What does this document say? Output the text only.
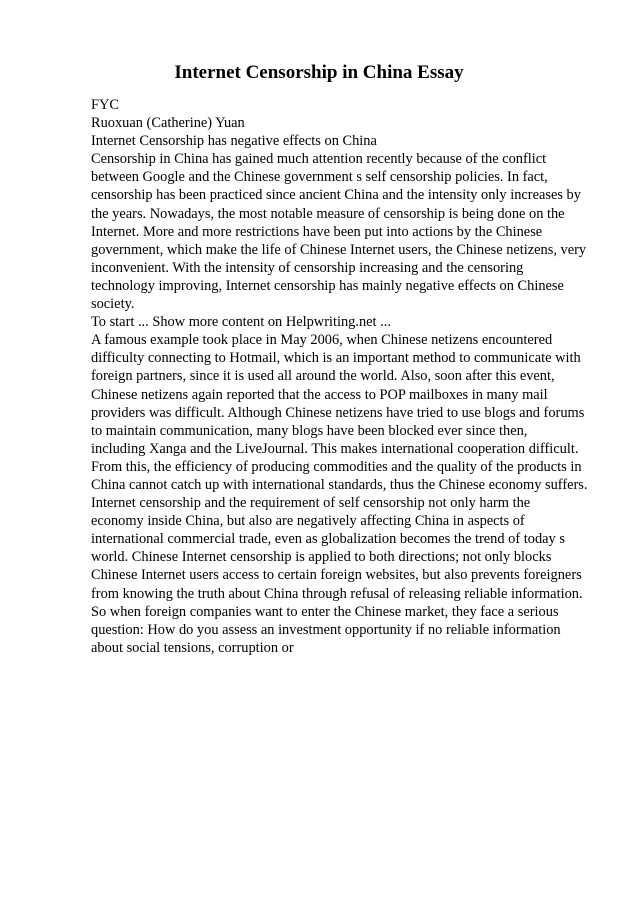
Internet Censorship in China Essay
FYC
Ruoxuan (Catherine) Yuan
Internet Censorship has negative effects on China
Censorship in China has gained much attention recently because of the conflict
between Google and the Chinese government s self censorship policies. In fact,
censorship has been practiced since ancient China and the intensity only increases by
the years. Nowadays, the most notable measure of censorship is being done on the
Internet. More and more restrictions have been put into actions by the Chinese
government, which make the life of Chinese Internet users, the Chinese netizens, very
inconvenient. With the intensity of censorship increasing and the censoring
technology improving, Internet censorship has mainly negative effects on Chinese
society.
To start ... Show more content on Helpwriting.net ...
A famous example took place in May 2006, when Chinese netizens encountered
difficulty connecting to Hotmail, which is an important method to communicate with
foreign partners, since it is used all around the world. Also, soon after this event,
Chinese netizens again reported that the access to POP mailboxes in many mail
providers was difficult. Although Chinese netizens have tried to use blogs and forums
to maintain communication, many blogs have been blocked ever since then,
including Xanga and the LiveJournal. This makes international cooperation difficult.
From this, the efficiency of producing commodities and the quality of the products in
China cannot catch up with international standards, thus the Chinese economy suffers.
Internet censorship and the requirement of self censorship not only harm the
economy inside China, but also are negatively affecting China in aspects of
international commercial trade, even as globalization becomes the trend of today s
world. Chinese Internet censorship is applied to both directions; not only blocks
Chinese Internet users access to certain foreign websites, but also prevents foreigners
from knowing the truth about China through refusal of releasing reliable information.
So when foreign companies want to enter the Chinese market, they face a serious
question: How do you assess an investment opportunity if no reliable information
about social tensions, corruption or
